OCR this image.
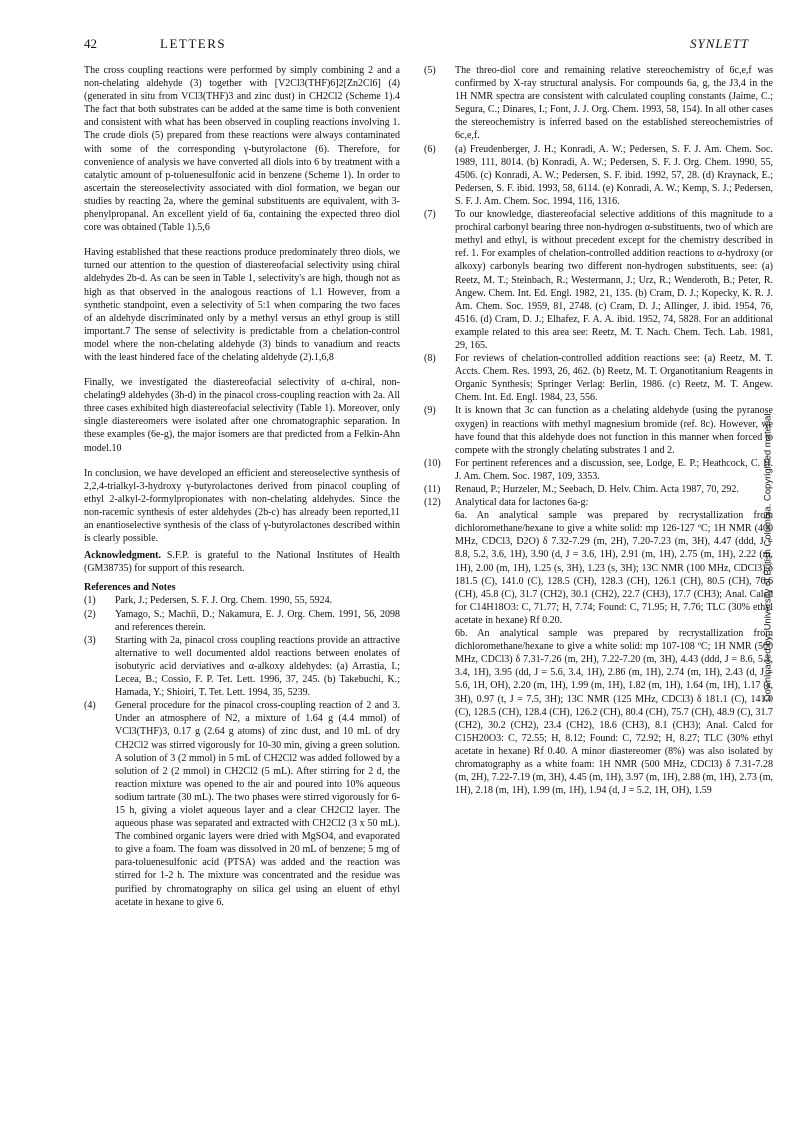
42	LETTERS	SYNLETT

The cross coupling reactions were performed by simply combining 2 and a non-chelating aldehyde (3) together with [V2Cl3(THF)6]2[Zn2Cl6] (4) (generated in situ from VCl3(THF)3 and zinc dust) in CH2Cl2 (Scheme 1).4 The fact that both substrates can be added at the same time is both convenient and consistent with what has been observed in coupling reactions involving 1. The crude diols (5) prepared from these reactions were always contaminated with some of the corresponding γ-butyrolactone (6). Therefore, for convenience of analysis we have converted all diols into 6 by treatment with a catalytic amount of p-toluenesulfonic acid in benzene (Scheme 1). In order to ascertain the stereoselectivity associated with diol formation, we began our studies by reacting 2a, where the geminal substituents are equivalent, with 3-phenylpropanal. An excellent yield of 6a, containing the expected threo diol core was obtained (Table 1).5,6

Having established that these reactions produce predominately threo diols, we turned our attention to the question of diastereofacial selectivity using chiral aldehydes 2b-d. As can be seen in Table 1, selectivity's are high, though not as high as that observed in the analogous reactions of 1.1 However, from a synthetic standpoint, even a selectivity of 5:1 when comparing the two faces of an aldehyde discriminated only by a methyl versus an ethyl group is still important.7 The sense of selectivity is predictable from a chelation-control model where the non-chelating aldehyde (3) binds to vanadium and reacts with the least hindered face of the chelating aldehyde (2).1,6,8

Finally, we investigated the diastereofacial selectivity of α-chiral, non-chelating9 aldehydes (3h-d) in the pinacol cross-coupling reaction with 2a. All three cases exhibited high diastereofacial selectivity (Table 1). Moreover, only single diastereomers were isolated after one chromatographic separation. In these examples (6e-g), the major isomers are that predicted from a Felkin-Ahn model.10

In conclusion, we have developed an efficient and stereoselective synthesis of 2,2,4-trialkyl-3-hydroxy γ-butyrolactones derived from pinacol coupling of ethyl 2-alkyl-2-formylpropionates with non-chelating aldehydes. Since the non-racemic synthesis of ester aldehydes (2b-c) has already been reported,11 an enantioselective synthesis of the class of γ-butyrolactones described within is clearly possible.

Acknowledgment. S.F.P. is grateful to the National Institutes of Health (GM38735) for support of this research.

References and Notes

(1)	Park, J.; Pedersen, S. F. J. Org. Chem. 1990, 55, 5924.
(2)	Yamago, S.; Machii, D.; Nakamura, E. J. Org. Chem. 1991, 56, 2098 and references therein.
(3)	Starting with 2a, pinacol cross coupling reactions provide an attractive alternative to well documented aldol reactions between enolates of isobutyric acid derviatives and α-alkoxy aldehydes: (a) Arrastia, I.; Lecea, B.; Cossio, F. P. Tet. Lett. 1996, 37, 245. (b) Takebuchi, K.; Hamada, Y.; Shioiri, T. Tet. Lett. 1994, 35, 5239.
(4)	General procedure for the pinacol cross-coupling reaction of 2 and 3. Under an atmosphere of N2, a mixture of 1.64 g (4.4 mmol) of VCl3(THF)3, 0.17 g (2.64 g atoms) of zinc dust, and 10 mL of dry CH2Cl2 was stirred vigorously for 10-30 min, giving a green solution. A solution of 3 (2 mmol) in 5 mL of CH2Cl2 was added followed by a solution of 2 (2 mmol) in CH2Cl2 (5 mL). After stirring for 2 d, the reaction mixture was opened to the air and poured into 10% aqueous sodium tartrate (30 mL). The two phases were stirred vigorously for 6-15 h, giving a violet aqueous layer and a clear CH2Cl2 layer. The aqueous phase was separated and extracted with CH2Cl2 (3 x 50 mL). The combined organic layers were dried with MgSO4, and evaporated to give a foam. The foam was dissolved in 20 mL of benzene; 5 mg of para-toluenesulfonic acid (PTSA) was added and the reaction was stirred for 1-2 h. The mixture was concentrated and the residue was purified by chromatography on silica gel using an eluent of ethyl acetate in hexane to give 6.
(5)	The threo-diol core and remaining relative stereochemistry of 6c,e,f was confirmed by X-ray structural analysis. For compounds 6a, g, the J3,4 in the 1H NMR spectra are consistent with calculated coupling constants (Jaime, C.; Segura, C.; Dinares, I.; Font, J. J. Org. Chem. 1993, 58, 154). In all other cases the stereochemistry is inferred based on the established stereochemistries of 6c,e,f.
(6)	(a) Freudenberger, J. H.; Konradi, A. W.; Pedersen, S. F. J. Am. Chem. Soc. 1989, 111, 8014. (b) Konradi, A. W.; Pedersen, S. F. J. Org. Chem. 1990, 55, 4506. (c) Konradi, A. W.; Pedersen, S. F. ibid. 1992, 57, 28. (d) Kraynack, E.; Pedersen, S. F. ibid. 1993, 58, 6114. (e) Konradi, A. W.; Kemp, S. J.; Pedersen, S. F. J. Am. Chem. Soc. 1994, 116, 1316.
(7)	To our knowledge, diastereofacial selective additions of this magnitude to a prochiral carbonyl bearing three non-hydrogen α-substituents, two of which are methyl and ethyl, is without precedent except for the chemistry described in ref. 1. For examples of chelation-controlled addition reactions to α-hydroxy (or alkoxy) carbonyls bearing two different non-hydrogen substituents, see: (a) Reetz, M. T.; Steinbach, R.; Westermann, J.; Urz, R.; Wenderoth, B.; Peter, R. Angew. Chem. Int. Ed. Engl. 1982, 21, 135. (b) Cram, D. J.; Kopecky, K. R. J. Am. Chem. Soc. 1959, 81, 2748. (c) Cram, D. J.; Allinger, J. ibid. 1954, 76, 4516. (d) Cram, D. J.; Elhafez, F. A. A. ibid. 1952, 74, 5828. For an additional example related to this area see: Reetz, M. T. Nach. Chem. Tech. Lab. 1981, 29, 165.
(8)	For reviews of chelation-controlled addition reactions see: (a) Reetz, M. T. Accts. Chem. Res. 1993, 26, 462. (b) Reetz, M. T. Organotitanium Reagents in Organic Synthesis; Springer Verlag: Berlin, 1986. (c) Reetz, M. T. Angew. Chem. Int. Ed. Engl. 1984, 23, 556.
(9)	It is known that 3c can function as a chelating aldehyde (using the pyranose oxygen) in reactions with methyl magnesium bromide (ref. 8c). However, we have found that this aldehyde does not function in this manner when forced to compete with the strongly chelating substrates 1 and 2.
(10)	For pertinent references and a discussion, see, Lodge, E. P.; Heathcock, C. H. J. Am. Chem. Soc. 1987, 109, 3353.
(11)	Renaud, P.; Hurzeler, M.; Seebach, D. Helv. Chim. Acta 1987, 70, 292.
(12)	Analytical data for lactones 6a-g:

6a. An analytical sample was prepared by recrystallization from dichloromethane/hexane to give a white solid: mp 126-127 ºC; 1H NMR (400 MHz, CDCl3, D2O) δ 7.32-7.29 (m, 2H), 7.20-7.23 (m, 3H), 4.47 (ddd, J = 8.8, 5.2, 3.6, 1H), 3.90 (d, J = 3.6, 1H), 2.91 (m, 1H), 2.75 (m, 1H), 2.22 (m, 1H), 2.00 (m, 1H), 1.25 (s, 3H), 1.23 (s, 3H); 13C NMR (100 MHz, CDCl3) δ 181.5 (C), 141.0 (C), 128.5 (CH), 128.3 (CH), 126.1 (CH), 80.5 (CH), 76.6 (CH), 45.8 (C), 31.7 (CH2), 30.1 (CH2), 22.7 (CH3), 17.7 (CH3); Anal. Calcd for C14H18O3: C, 71.77; H, 7.74; Found: C, 71.95; H, 7.76; TLC (30% ethyl acetate in hexane) Rf 0.20.

6b. An analytical sample was prepared by recrystallization from dichloromethane/hexane to give a white solid: mp 107-108 ºC; 1H NMR (500 MHz, CDCl3) δ 7.31-7.26 (m, 2H), 7.22-7.20 (m, 3H), 4.43 (ddd, J = 8.6, 5.1, 3.4, 1H), 3.95 (dd, J = 5.6, 3.4, 1H), 2.86 (m, 1H), 2.74 (m, 1H), 2.43 (d, J = 5.6, 1H, OH), 2.20 (m, 1H), 1.99 (m, 1H), 1.82 (m, 1H), 1.64 (m, 1H), 1.17 (s, 3H), 0.97 (t, J = 7.5, 3H); 13C NMR (125 MHz, CDCl3) δ 181.1 (C), 141.0 (C), 128.5 (CH), 128.4 (CH), 126.2 (CH), 80.4 (CH), 75.7 (CH), 48.9 (C), 31.7 (CH2), 30.2 (CH2), 23.4 (CH2), 18.6 (CH3), 8.1 (CH3); Anal. Calcd for C15H20O3: C, 72.55; H, 8.12; Found: C, 72.92; H, 8.27; TLC (30% ethyl acetate in hexane) Rf 0.40. A minor diastereomer (8%) was also isolated by chromatography as a white foam: 1H NMR (500 MHz, CDCl3) δ 7.31-7.28 (m, 2H), 7.22-7.19 (m, 3H), 4.45 (m, 1H), 3.97 (m, 1H), 2.88 (m, 1H), 2.73 (m, 1H), 2.18 (m, 1H), 1.99 (m, 1H), 1.94 (d, J = 5.2, 1H, OH), 1.59

Downloaded by: University of British Columbia. Copyrighted material.
